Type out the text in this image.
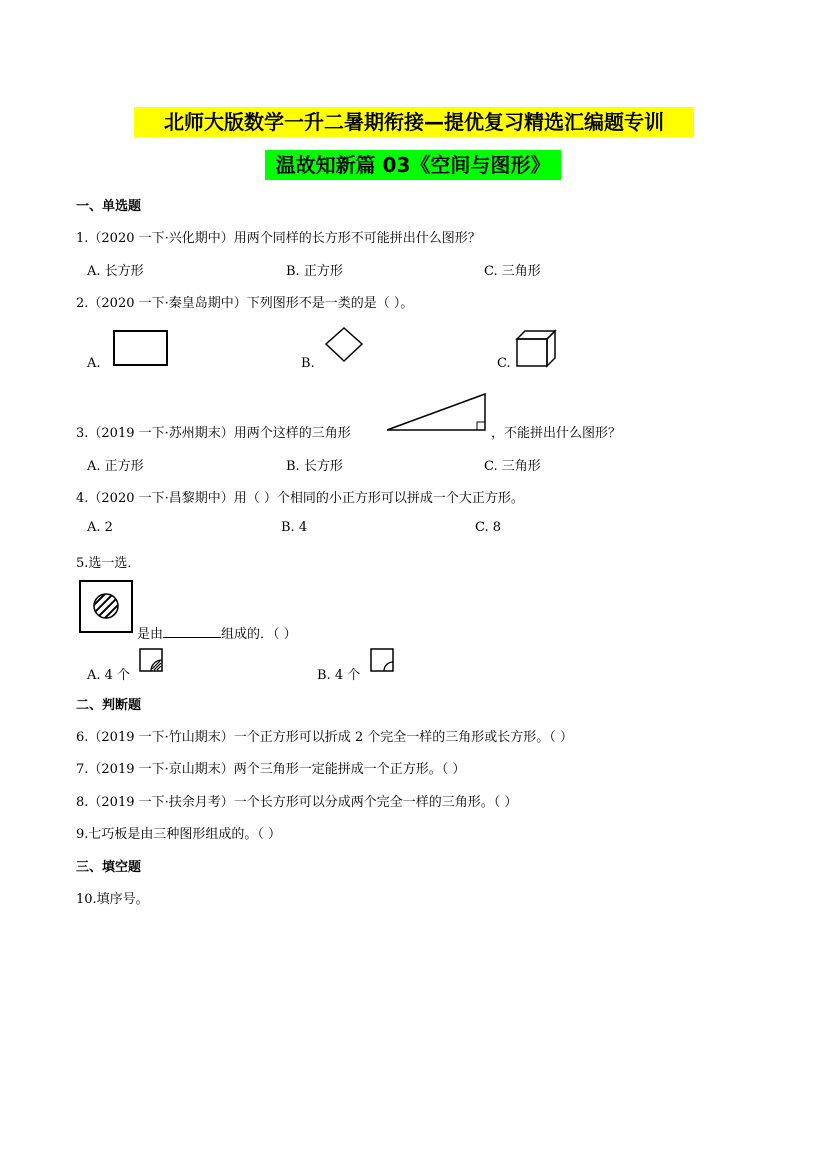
北师大版数学一升二暑期衔接—提优复习精选汇编题专训
温故知新篇 03《空间与图形》
一、单选题
1.（2020 一下·兴化期中）用两个同样的长方形不可能拼出什么图形？
A. 长方形	B. 正方形	C. 三角形
2.（2020 一下·秦皇岛期中）下列图形不是一类的是（ ）。
A.	B.	C.
3.（2019 一下·苏州期末）用两个这样的三角形	，不能拼出什么图形？
A. 正方形	B. 长方形	C. 三角形
4.（2020 一下·昌黎期中）用（ ）个相同的小正方形可以拼成一个大正方形。
A. 2	B. 4	C. 8
5.选一选．
是由	组成的．（ ）
A. 4 个	B. 4 个
二、判断题
6.（2019 一下·竹山期末）一个正方形可以折成 2 个完全一样的三角形或长方形。（ ）
7.（2019 一下·京山期末）两个三角形一定能拼成一个正方形。（ ）
8.（2019 一下·扶余月考）一个长方形可以分成两个完全一样的三角形。（ ）
9.七巧板是由三种图形组成的。（ ）
三、填空题
10.填序号。
